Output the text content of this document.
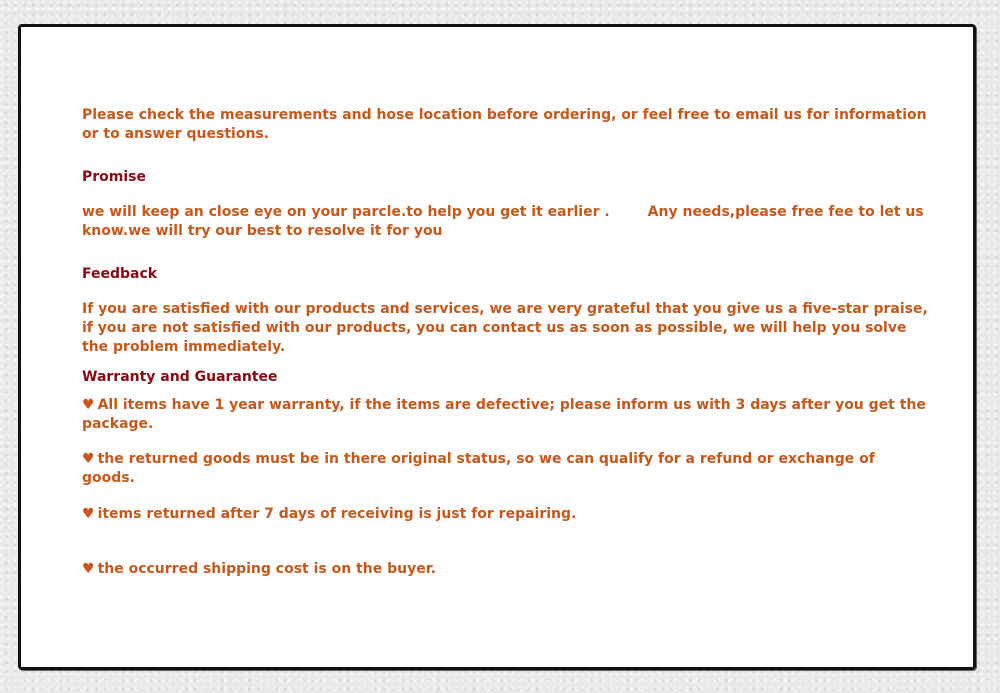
Please check the measurements and hose location before ordering, or feel free to email us for information or to answer questions.

Promise

we will keep an close eye on your parcle.to help you get it earlier .	Any needs,please free fee to let us know.we will try our best to resolve it for you

Feedback

If you are satisfied with our products and services, we are very grateful that you give us a five-star praise, if you are not satisfied with our products, you can contact us as soon as possible, we will help you solve the problem immediately.

Warranty and Guarantee

♥ All items have 1 year warranty, if the items are defective; please inform us with 3 days after you get the package.

♥ the returned goods must be in there original status, so we can qualify for a refund or exchange of goods.

♥ items returned after 7 days of receiving is just for repairing.

♥ the occurred shipping cost is on the buyer.
